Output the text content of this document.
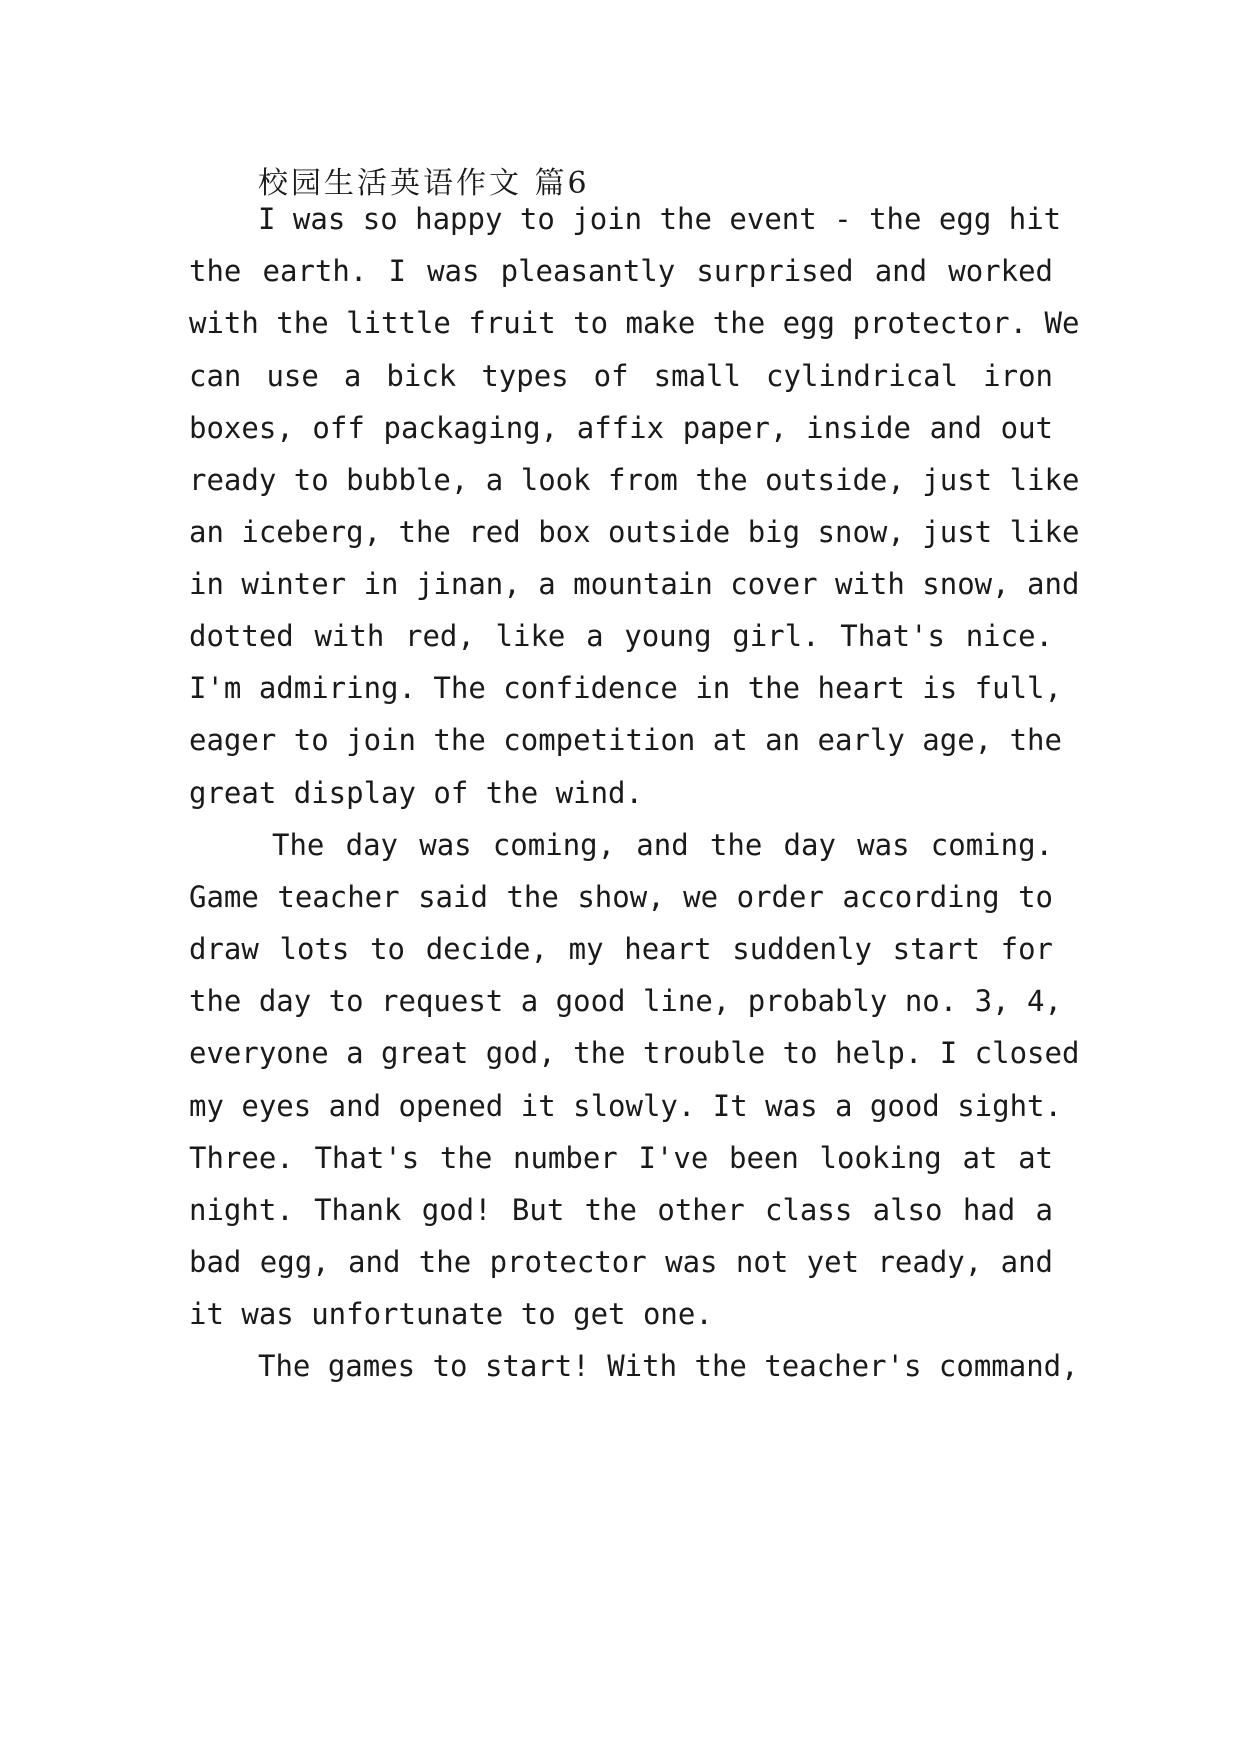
校园生活英语作文 篇6
I was so happy to join the event - the egg hit
the earth. I was pleasantly surprised and worked
with the little fruit to make the egg protector. We
can use a bick types of small cylindrical iron
boxes, off packaging, affix paper, inside and out
ready to bubble, a look from the outside, just like
an iceberg, the red box outside big snow, just like
in winter in jinan, a mountain cover with snow, and
dotted with red, like a young girl. That's nice.
I'm admiring. The confidence in the heart is full,
eager to join the competition at an early age, the
great display of the wind.
The day was coming, and the day was coming.
Game teacher said the show, we order according to
draw lots to decide, my heart suddenly start for
the day to request a good line, probably no. 3, 4,
everyone a great god, the trouble to help. I closed
my eyes and opened it slowly. It was a good sight.
Three. That's the number I've been looking at at
night. Thank god! But the other class also had a
bad egg, and the protector was not yet ready, and
it was unfortunate to get one.
The games to start! With the teacher's command,
